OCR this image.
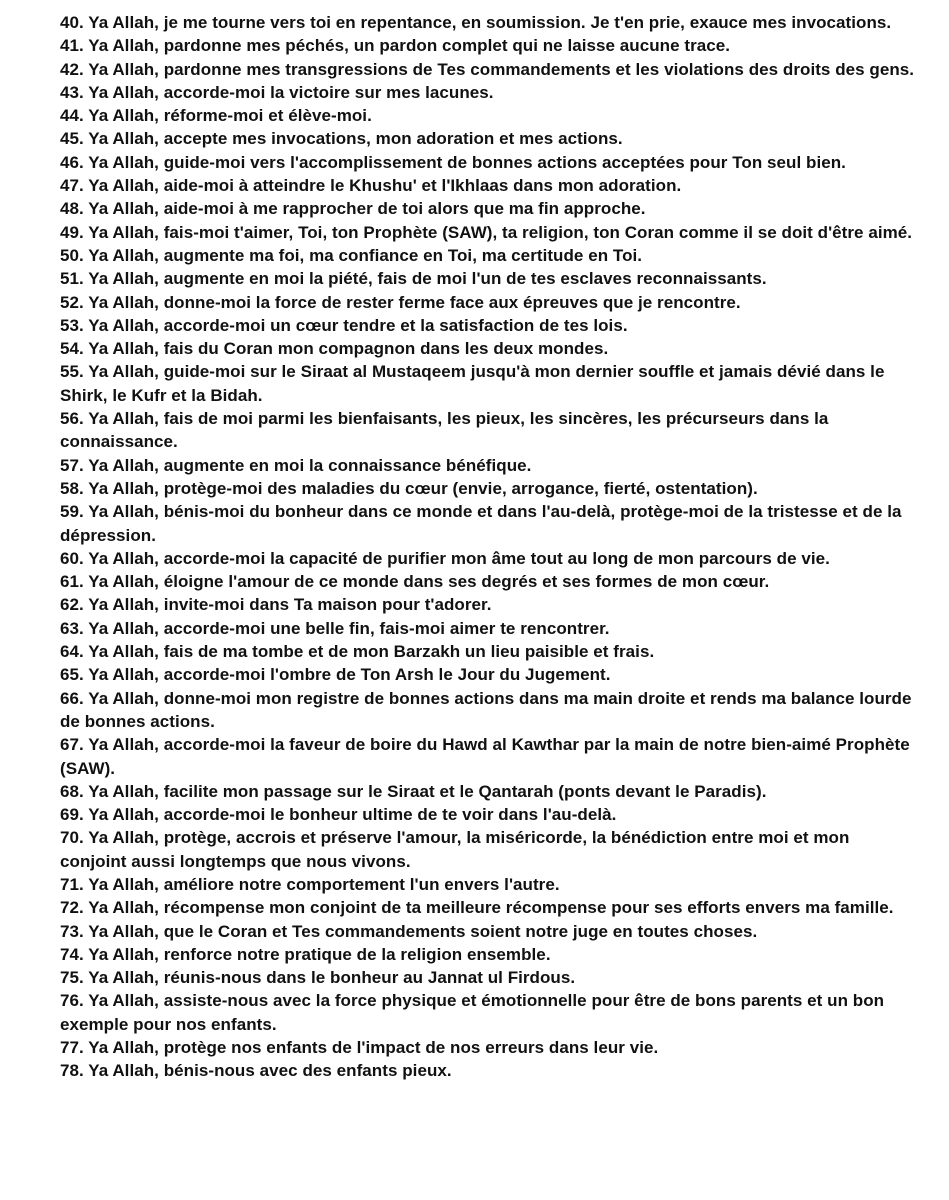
40. Ya Allah, je me tourne vers toi en repentance, en soumission. Je t'en prie, exauce mes invocations.
41. Ya Allah, pardonne mes péchés, un pardon complet qui ne laisse aucune trace.
42. Ya Allah, pardonne mes transgressions de Tes commandements et les violations des droits des gens.
43. Ya Allah, accorde-moi la victoire sur mes lacunes.
44. Ya Allah, réforme-moi et élève-moi.
45. Ya Allah, accepte mes invocations, mon adoration et mes actions.
46. Ya Allah, guide-moi vers l'accomplissement de bonnes actions acceptées pour Ton seul bien.
47. Ya Allah, aide-moi à atteindre le Khushu' et l'Ikhlaas dans mon adoration.
48. Ya Allah, aide-moi à me rapprocher de toi alors que ma fin approche.
49. Ya Allah, fais-moi t'aimer, Toi, ton Prophète (SAW), ta religion, ton Coran comme il se doit d'être aimé.
50. Ya Allah, augmente ma foi, ma confiance en Toi, ma certitude en Toi.
51. Ya Allah, augmente en moi la piété, fais de moi l'un de tes esclaves reconnaissants.
52. Ya Allah, donne-moi la force de rester ferme face aux épreuves que je rencontre.
53. Ya Allah, accorde-moi un cœur tendre et la satisfaction de tes lois.
54. Ya Allah, fais du Coran mon compagnon dans les deux mondes.
55. Ya Allah, guide-moi sur le Siraat al Mustaqeem jusqu'à mon dernier souffle et jamais dévié dans le Shirk, le Kufr et la Bidah.
56. Ya Allah, fais de moi parmi les bienfaisants, les pieux, les sincères, les précurseurs dans la connaissance.
57. Ya Allah, augmente en moi la connaissance bénéfique.
58. Ya Allah, protège-moi des maladies du cœur (envie, arrogance, fierté, ostentation).
59. Ya Allah, bénis-moi du bonheur dans ce monde et dans l'au-delà, protège-moi de la tristesse et de la dépression.
60. Ya Allah, accorde-moi la capacité de purifier mon âme tout au long de mon parcours de vie.
61. Ya Allah, éloigne l'amour de ce monde dans ses degrés et ses formes de mon cœur.
62. Ya Allah, invite-moi dans Ta maison pour t'adorer.
63. Ya Allah, accorde-moi une belle fin, fais-moi aimer te rencontrer.
64. Ya Allah, fais de ma tombe et de mon Barzakh un lieu paisible et frais.
65. Ya Allah, accorde-moi l'ombre de Ton Arsh le Jour du Jugement.
66. Ya Allah, donne-moi mon registre de bonnes actions dans ma main droite et rends ma balance lourde de bonnes actions.
67. Ya Allah, accorde-moi la faveur de boire du Hawd al Kawthar par la main de notre bien-aimé Prophète (SAW).
68. Ya Allah, facilite mon passage sur le Siraat et le Qantarah (ponts devant le Paradis).
69. Ya Allah, accorde-moi le bonheur ultime de te voir dans l'au-delà.
70. Ya Allah, protège, accrois et préserve l'amour, la miséricorde, la bénédiction entre moi et mon conjoint aussi longtemps que nous vivons.
71. Ya Allah, améliore notre comportement l'un envers l'autre.
72. Ya Allah, récompense mon conjoint de ta meilleure récompense pour ses efforts envers ma famille.
73. Ya Allah, que le Coran et Tes commandements soient notre juge en toutes choses.
74. Ya Allah, renforce notre pratique de la religion ensemble.
75. Ya Allah, réunis-nous dans le bonheur au Jannat ul Firdous.
76. Ya Allah, assiste-nous avec la force physique et émotionnelle pour être de bons parents et un bon exemple pour nos enfants.
77. Ya Allah, protège nos enfants de l'impact de nos erreurs dans leur vie.
78. Ya Allah, bénis-nous avec des enfants pieux.
